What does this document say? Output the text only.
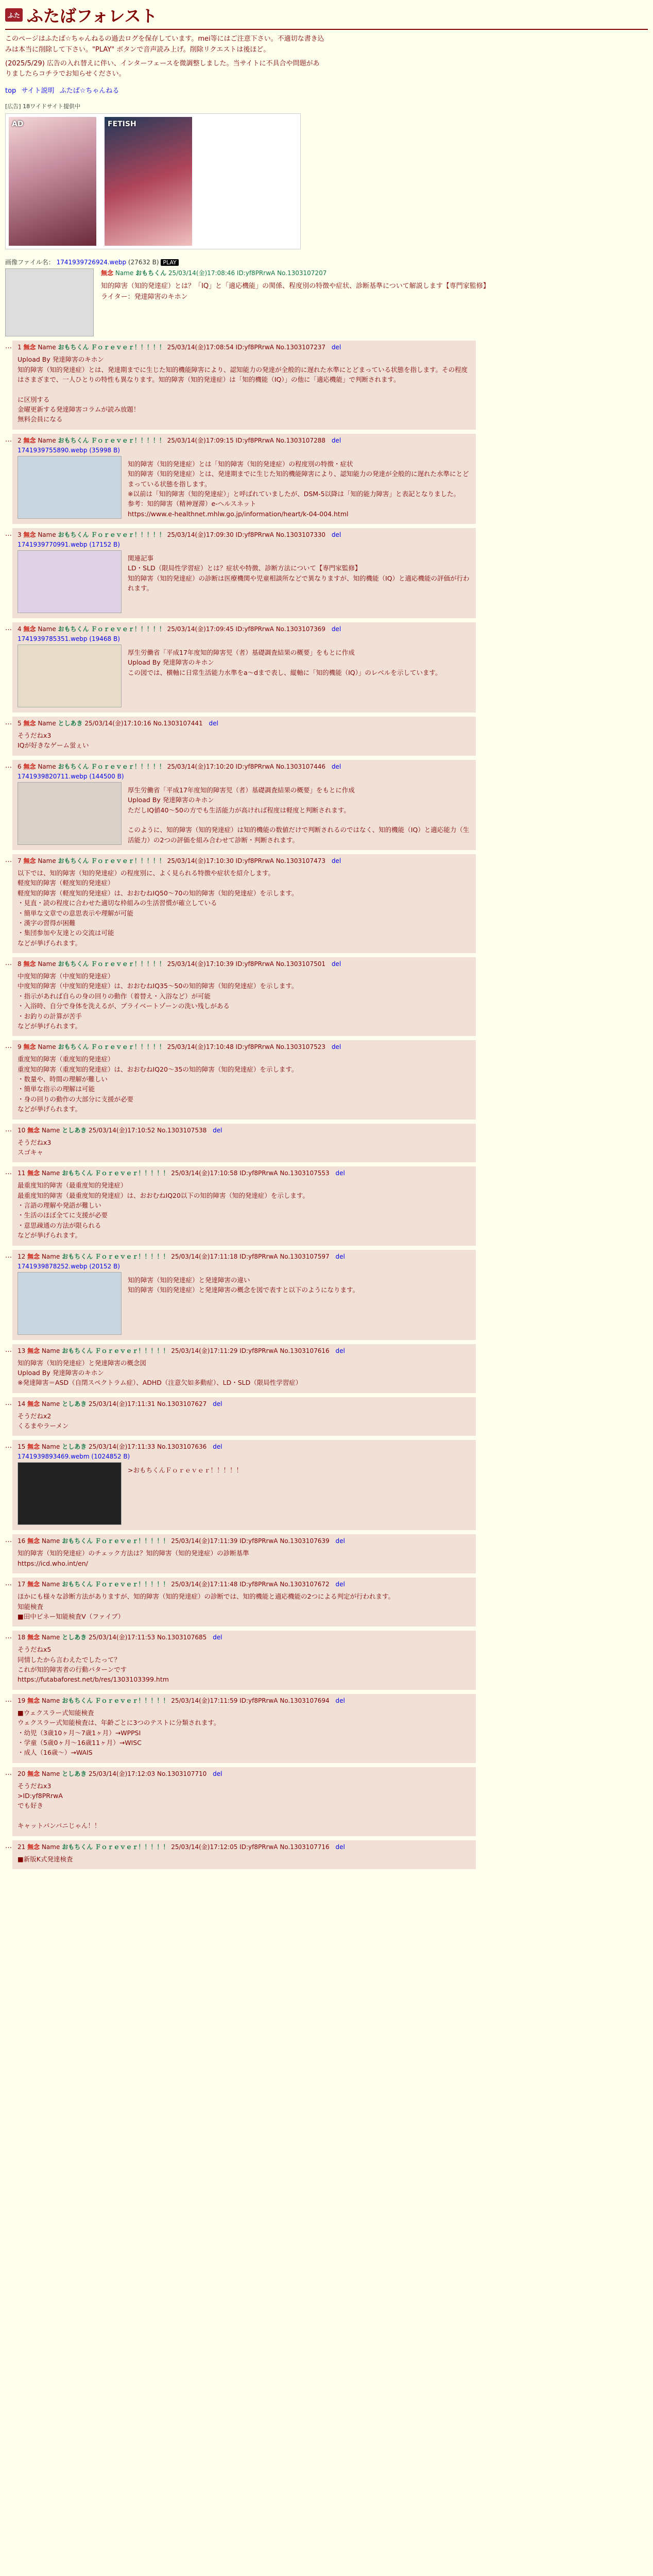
ふた ふたばフォレスト

このページはふたば☆ちゃんねるの過去ログを保存しています。mei等にはご注意下さい。不適切な書き込みは本当に削除して下さい。"PLAY" ボタンで音声読み上げ。削除リクエストは後ほど。

(2025/5/29) 広告の入れ替えに伴い、インターフェースを微調整しました。当サイトに不具合や問題がありましたらコチラでお知らせください。

top サイト説明 ふたば☆ちゃんねる
[広告] 18ワイドサイト提供中
AD	FETISH
画像ファイル名： 1741939726924.webp (27632 B) PLAY
無念 Name おもちくん 25/03/14(金)17:08:46 ID:yf8PRrwA No.1303107207
知的障害（知的発達症）とは？「IQ」と「適応機能」の関係、程度別の特徴や症状、診断基準について解説します【専門家監修】
ライター：発達障害のキホン
… 1 無念 Name おもちくん Ｆｏｒｅｖｅｒ！！！！！ 25/03/14(金)17:08:54 ID:yf8PRrwA No.1303107237 del
Upload By 発達障害のキホン
知的障害（知的発達症）とは、発達期までに生じた知的機能障害により、認知能力の発達が全般的に遅れた水準にとどまっている状態を指します。その程度はさまざまで、一人ひとりの特性も異なります。知的障害（知的発達症）は「知的機能（IQ）」の他に「適応機能」で判断されます。

に区別する
金曜更新する発達障害コラムが読み放題！
無料会員になる
… 2 無念 Name おもちくん Ｆｏｒｅｖｅｒ！！！！！ 25/03/14(金)17:09:15 ID:yf8PRrwA No.1303107288 del
1741939755890.webp (35998 B)
知的障害（知的発達症）とは「知的障害（知的発達症）の程度別の特徴・症状
知的障害（知的発達症）とは、発達期までに生じた知的機能障害により、認知能力の発達が全般的に遅れた水準にとどまっている状態を指します。
※以前は「知的障害（知的発達症）」と呼ばれていましたが、DSM-5以降は「知的能力障害」と表記となりました。
参考：知的障害（精神遅滞）e-ヘルスネット
https://www.e-healthnet.mhlw.go.jp/information/heart/k-04-004.html
… 3 無念 Name おもちくん Ｆｏｒｅｖｅｒ！！！！！ 25/03/14(金)17:09:30 ID:yf8PRrwA No.1303107330 del
1741939770991.webp (17152 B)
関連記事
LD・SLD（限局性学習症）とは？症状や特徴、診断方法について【専門家監修】
知的障害（知的発達症）の診断は医療機関や児童相談所などで異なりますが、知的機能（IQ）と適応機能の評価が行われます。
… 4 無念 Name おもちくん Ｆｏｒｅｖｅｒ！！！！！ 25/03/14(金)17:09:45 ID:yf8PRrwA No.1303107369 del
1741939785351.webp (19468 B)
厚生労働省「平成17年度知的障害児（者）基礎調査結果の概要」をもとに作成
Upload By 発達障害のキホン
この図では、横軸に日常生活能力水準をa〜dまで表し、縦軸に「知的機能（IQ）」のレベルを示しています。
… 5 無念 Name としあき 25/03/14(金)17:10:16 No.1303107441 del
そうだねx3
IQが好きなゲーム蛍ぇい
… 6 無念 Name おもちくん Ｆｏｒｅｖｅｒ！！！！！ 25/03/14(金)17:10:20 ID:yf8PRrwA No.1303107446 del
1741939820711.webp (144500 B)
厚生労働省「平成17年度知的障害児（者）基礎調査結果の概要」をもとに作成
Upload By 発達障害のキホン
ただしIQ値40〜50の方でも生活能力が高ければ程度は軽度と判断されます。

このように、知的障害（知的発達症）は知的機能の数値だけで判断されるのではなく、知的機能（IQ）と適応能力（生活能力）の2つの評価を組み合わせて診断・判断されます。
… 7 無念 Name おもちくん Ｆｏｒｅｖｅｒ！！！！！ 25/03/14(金)17:10:30 ID:yf8PRrwA No.1303107473 del
以下では、知的障害（知的発達症）の程度別に、よく見られる特徴や症状を紹介します。
軽度知的障害（軽度知的発達症）
軽度知的障害（軽度知的発達症）は、おおむねIQ50〜70の知的障害（知的発達症）を示します。
・見直・読の程度に合わせた適切な枠組みの生活習慣が確立している
・簡単な文章での意思表示や理解が可能
・漢字の習得が困難
・集団参加や友達との交流は可能
などが挙げられます。
… 8 無念 Name おもちくん Ｆｏｒｅｖｅｒ！！！！！ 25/03/14(金)17:10:39 ID:yf8PRrwA No.1303107501 del
中度知的障害（中度知的発達症）
中度知的障害（中度知的発達症）は、おおむねIQ35〜50の知的障害（知的発達症）を示します。
・指示があれば自らの身の回りの動作（着替え・入浴など）が可能
・入浴時、自分で身体を洗えるが、プライベートゾーンの洗い残しがある
・お釣りの計算が苦手
などが挙げられます。
… 9 無念 Name おもちくん Ｆｏｒｅｖｅｒ！！！！！ 25/03/14(金)17:10:48 ID:yf8PRrwA No.1303107523 del
重度知的障害（重度知的発達症）
重度知的障害（重度知的発達症）は、おおむねIQ20〜35の知的障害（知的発達症）を示します。
・数量や、時間の理解が難しい
・簡単な指示の理解は可能
・身の回りの動作の大部分に支援が必要
などが挙げられます。
… 10 無念 Name としあき 25/03/14(金)17:10:52 No.1303107538 del
そうだねx3
スゴキャ
… 11 無念 Name おもちくん Ｆｏｒｅｖｅｒ！！！！！ 25/03/14(金)17:10:58 ID:yf8PRrwA No.1303107553 del
最重度知的障害（最重度知的発達症）
最重度知的障害（最重度知的発達症）は、おおむねIQ20以下の知的障害（知的発達症）を示します。
・言語の理解や発語が難しい
・生活のほぼ全てに支援が必要
・意思疎通の方法が限られる
などが挙げられます。
… 12 無念 Name おもちくん Ｆｏｒｅｖｅｒ！！！！！ 25/03/14(金)17:11:18 ID:yf8PRrwA No.1303107597 del
1741939878252.webp (20152 B)
知的障害（知的発達症）と発達障害の違い
知的障害（知的発達症）と発達障害の概念を図で表すと以下のようになります。
… 13 無念 Name おもちくん Ｆｏｒｅｖｅｒ！！！！！ 25/03/14(金)17:11:29 ID:yf8PRrwA No.1303107616 del
知的障害（知的発達症）と発達障害の概念図
Upload By 発達障害のキホン
※発達障害＝ASD（自閉スペクトラム症）、ADHD（注意欠如多動症）、LD・SLD（限局性学習症）
… 14 無念 Name としあき 25/03/14(金)17:11:31 No.1303107627 del
そうだねx2
くるまやラーメン
… 15 無念 Name としあき 25/03/14(金)17:11:33 No.1303107636 del
1741939893469.webm (1024852 B)
>おもちくんＦｏｒｅｖｅｒ！！！！！
… 16 無念 Name おもちくん Ｆｏｒｅｖｅｒ！！！！！ 25/03/14(金)17:11:39 ID:yf8PRrwA No.1303107639 del
知的障害（知的発達症）のチェック方法は？知的障害（知的発達症）の診断基準
https://icd.who.int/en/
… 17 無念 Name おもちくん Ｆｏｒｅｖｅｒ！！！！！ 25/03/14(金)17:11:48 ID:yf8PRrwA No.1303107672 del
ほかにも様々な診断方法がありますが、知的障害（知的発達症）の診断では、知的機能と適応機能の2つによる判定が行われます。
知能検査
■田中ビネー知能検査Ⅴ（ファイブ）
… 18 無念 Name としあき 25/03/14(金)17:11:53 No.1303107685 del
そうだねx5
同情したから言わえたでしたって？
これが知的障害者の行動パターンです
https://futabaforest.net/b/res/1303103399.htm
… 19 無念 Name おもちくん Ｆｏｒｅｖｅｒ！！！！！ 25/03/14(金)17:11:59 ID:yf8PRrwA No.1303107694 del
■ウェクスラー式知能検査
ウェクスラー式知能検査は、年齢ごとに3つのテストに分類されます。
・幼児（3歳10ヶ月〜7歳1ヶ月）→WPPSI
・学童（5歳0ヶ月〜16歳11ヶ月）→WISC
・成人（16歳〜）→WAIS
… 20 無念 Name としあき 25/03/14(金)17:12:03 No.1303107710 del
そうだねx3
>ID:yf8PRrwA
でも好き

キャットバンバニじゃん！！
… 21 無念 Name おもちくん Ｆｏｒｅｖｅｒ！！！！！ 25/03/14(金)17:12:05 ID:yf8PRrwA No.1303107716 del
■新版K式発達検査
